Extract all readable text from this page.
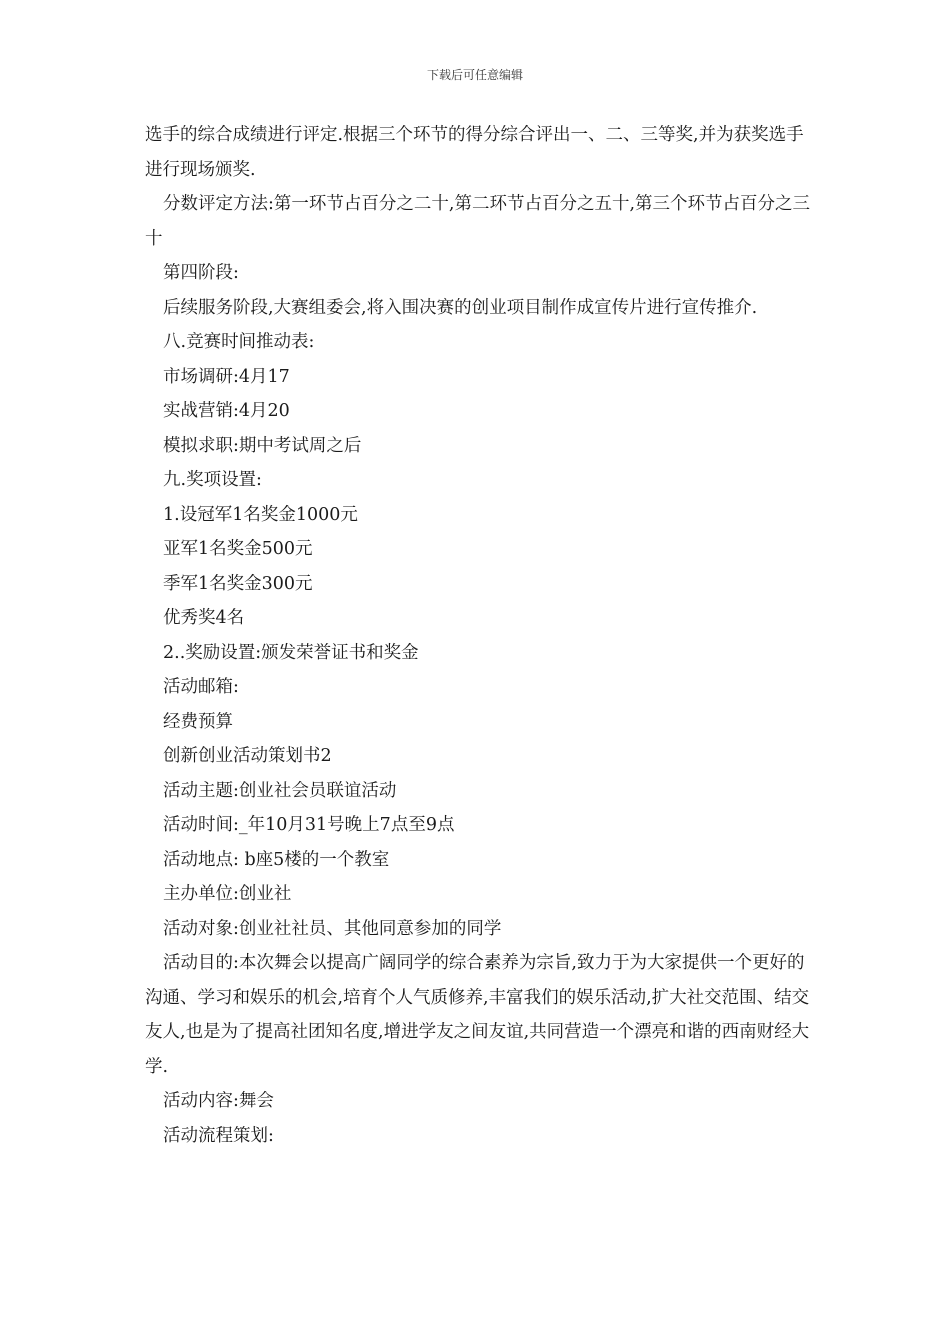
下载后可任意编辑

选手的综合成绩进行评定.根据三个环节的得分综合评出一、二、三等奖,并为获奖选手进行现场颁奖.

分数评定方法:第一环节占百分之二十,第二环节占百分之五十,第三个环节占百分之三十

第四阶段:

后续服务阶段,大赛组委会,将入围决赛的创业项目制作成宣传片进行宣传推介.

八.竞赛时间推动表:

市场调研:4月17

实战营销:4月20

模拟求职:期中考试周之后

九.奖项设置:

1.设冠军1名奖金1000元

亚军1名奖金500元

季军1名奖金300元

优秀奖4名

2..奖励设置:颁发荣誉证书和奖金

活动邮箱:

经费预算

创新创业活动策划书2

活动主题:创业社会员联谊活动

活动时间:_年10月31号晚上7点至9点

活动地点: b座5楼的一个教室

主办单位:创业社

活动对象:创业社社员、其他同意参加的同学

活动目的:本次舞会以提高广阔同学的综合素养为宗旨,致力于为大家提供一个更好的沟通、学习和娱乐的机会,培育个人气质修养,丰富我们的娱乐活动,扩大社交范围、结交友人,也是为了提高社团知名度,增进学友之间友谊,共同营造一个漂亮和谐的西南财经大学.

活动内容:舞会

活动流程策划:
